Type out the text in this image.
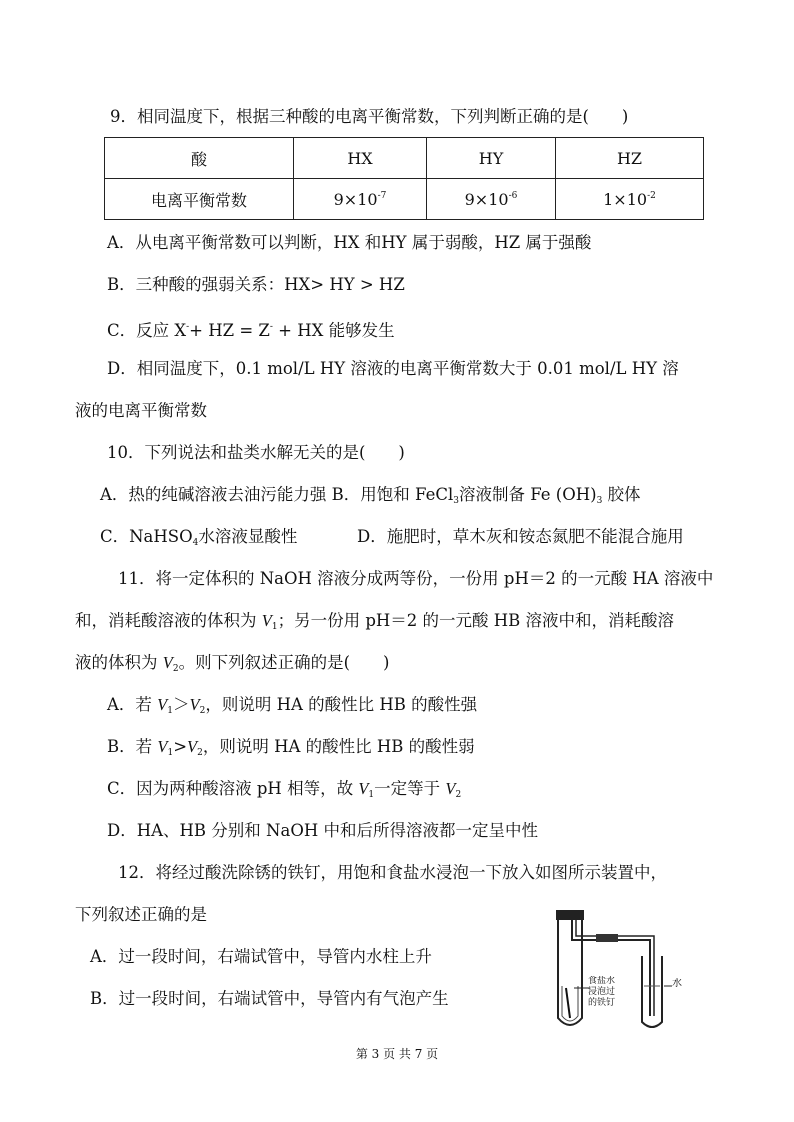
9．相同温度下，根据三种酸的电离平衡常数，下列判断正确的是(　　)
酸	HX	HY	HZ
电离平衡常数	$9\times 10^{-7}$	$9\times 10^{-6}$	$1\times 10^{-2}$
A．从电离平衡常数可以判断，HX 和HY 属于弱酸，HZ 属于强酸
B．三种酸的强弱关系：HX> HY > HZ
C．反应 X-+ HZ = Z- + HX 能够发生
D．相同温度下，0.1 mol/L HY 溶液的电离平衡常数大于 0.01 mol/L HY 溶
液的电离平衡常数
10．下列说法和盐类水解无关的是(　　)
A．热的纯碱溶液去油污能力强 B．用饱和 FeCl$_3$溶液制备 Fe $(OH)_3$ 胶体
C．NaHSO$_4$水溶液显酸性	D．施肥时，草木灰和铵态氮肥不能混合施用
11．将一定体积的 NaOH 溶液分成两等份，一份用 pH＝2 的一元酸 HA 溶液中
和，消耗酸溶液的体积为 $V_1$；另一份用 pH＝2 的一元酸 HB 溶液中和，消耗酸溶
液的体积为 $V_2$。则下列叙述正确的是(　　)
A．若 $V_1>V_2$，则说明 HA 的酸性比 HB 的酸性强
B．若 $V_1>V_2$，则说明 HA 的酸性比 HB 的酸性弱
C．因为两种酸溶液 pH 相等，故 $V_1$一定等于 $V_2$
D．HA、HB 分别和 NaOH 中和后所得溶液都一定呈中性
12．将经过酸洗除锈的铁钉，用饱和食盐水浸泡一下放入如图所示装置中，
下列叙述正确的是
A．过一段时间，右端试管中，导管内水柱上升
B．过一段时间，右端试管中，导管内有气泡产生
食盐水浸泡过的铁钉
水
第 3 页 共 7 页
